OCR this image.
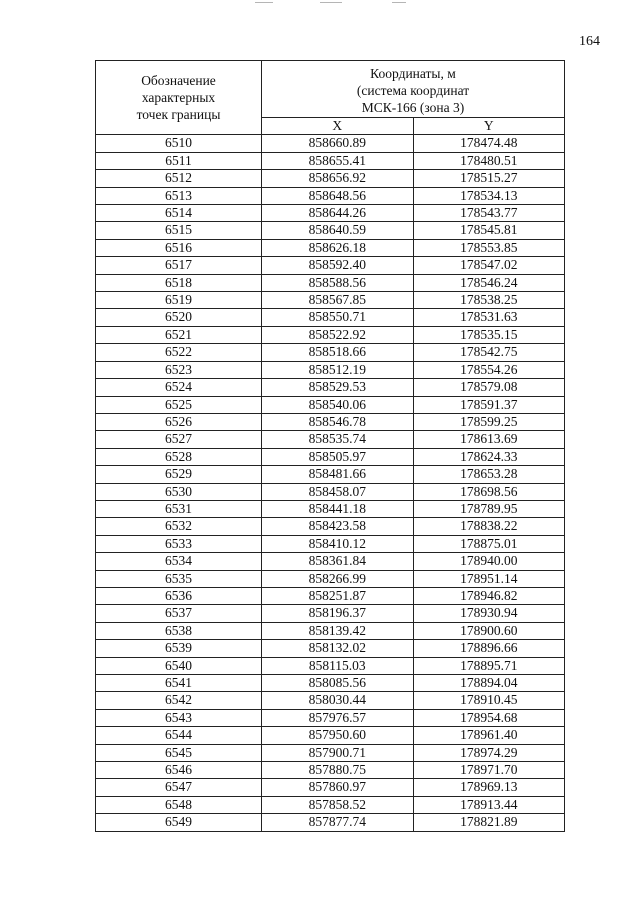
164
Обозначение
характерных
точек границы	Координаты, м
(система координат
МСК-166 (зона 3)	

	X	Y
6510	858660.89	178474.48
6511	858655.41	178480.51
6512	858656.92	178515.27
6513	858648.56	178534.13
6514	858644.26	178543.77
6515	858640.59	178545.81
6516	858626.18	178553.85
6517	858592.40	178547.02
6518	858588.56	178546.24
6519	858567.85	178538.25
6520	858550.71	178531.63
6521	858522.92	178535.15
6522	858518.66	178542.75
6523	858512.19	178554.26
6524	858529.53	178579.08
6525	858540.06	178591.37
6526	858546.78	178599.25
6527	858535.74	178613.69
6528	858505.97	178624.33
6529	858481.66	178653.28
6530	858458.07	178698.56
6531	858441.18	178789.95
6532	858423.58	178838.22
6533	858410.12	178875.01
6534	858361.84	178940.00
6535	858266.99	178951.14
6536	858251.87	178946.82
6537	858196.37	178930.94
6538	858139.42	178900.60
6539	858132.02	178896.66
6540	858115.03	178895.71
6541	858085.56	178894.04
6542	858030.44	178910.45
6543	857976.57	178954.68
6544	857950.60	178961.40
6545	857900.71	178974.29
6546	857880.75	178971.70
6547	857860.97	178969.13
6548	857858.52	178913.44
6549	857877.74	178821.89
